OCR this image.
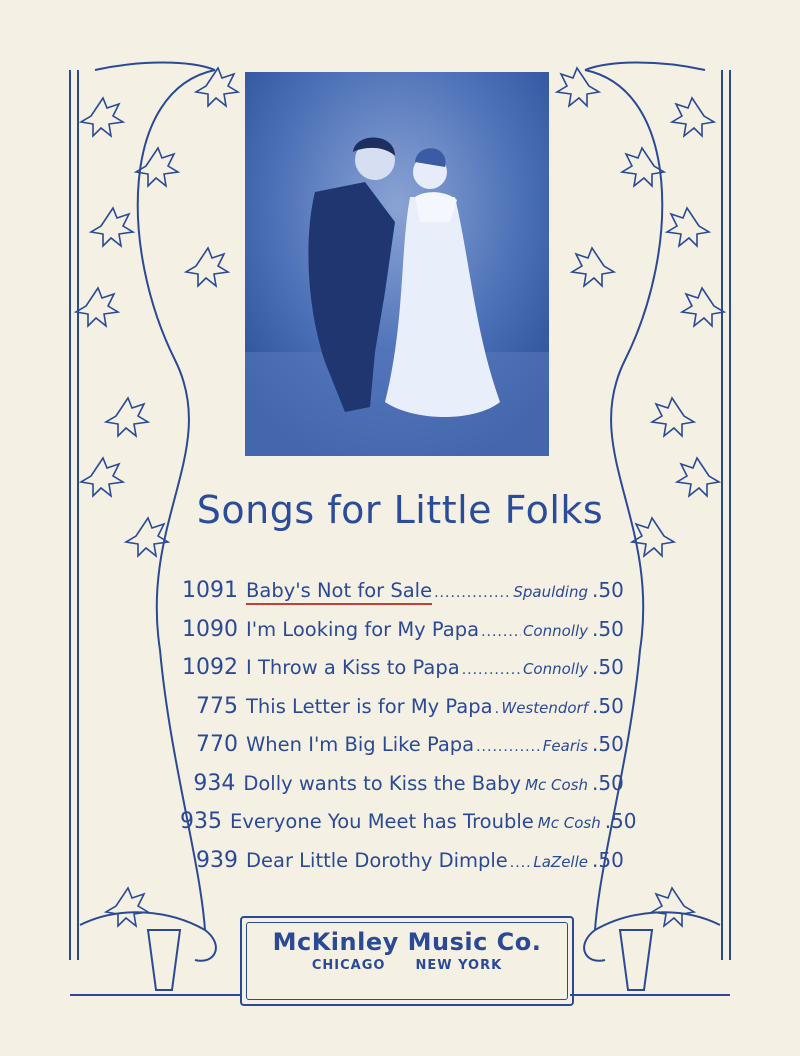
Songs for Little Folks
1091 Baby's Not for Sale .....	Spaulding .50
1090 I'm Looking for My Papa .....	Connolly .50
1092 I Throw a Kiss to Papa .....	Connolly .50
775 This Letter is for My Papa ..... Westendorf .50
770 When I'm Big Like Papa .....	Fearis .50
934 Dolly wants to Kiss the Baby Mc Cosh .50
935 Everyone You Meet has Trouble Mc Cosh .50
939 Dear Little Dorothy Dimple ..... LaZelle .50
McKinley Music Co.
CHICAGO NEW YORK
